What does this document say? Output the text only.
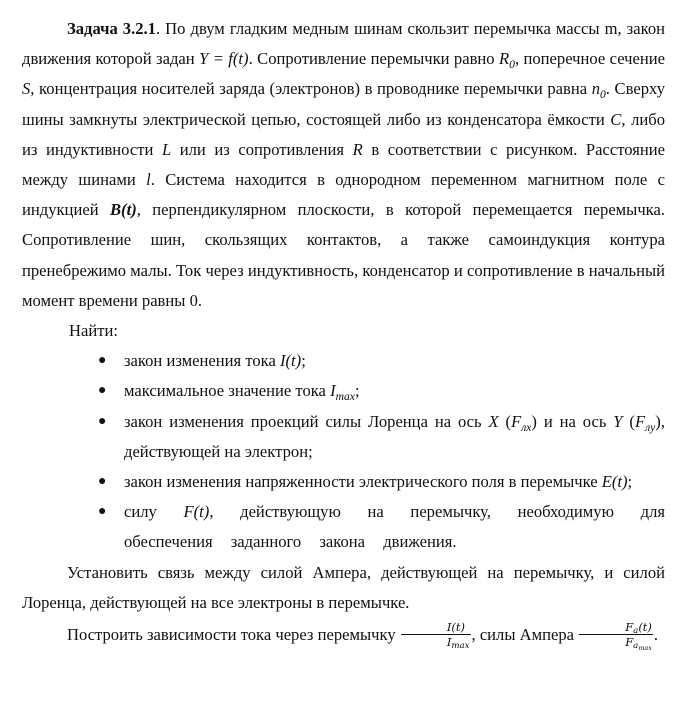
Задача 3.2.1. По двум гладким медным шинам скользит перемычка массы m, закон движения которой задан Y = f(t). Сопротивление перемычки равно $R_0$, поперечное сечение S, концентрация носителей заряда (электронов) в проводнике перемычки равна $n_0$. Сверху шины замкнуты электрической цепью, состоящей либо из конденсатора ёмкости C, либо из индуктивности L или из сопротивления R в соответствии с рисунком. Расстояние между шинами l. Система находится в однородном переменном магнитном поле с индукцией B(t), перпендикулярном плоскости, в которой перемещается перемычка. Сопротивление шин, скользящих контактов, а также самоиндукция контура пренебрежимо малы. Ток через индуктивность, конденсатор и сопротивление в начальный момент времени равны 0.

Найти:

● закон изменения тока I(t);
● максимальное значение тока $I_{max}$;
● закон изменения проекций силы Лоренца на ось X $(F_{лx})$ и на ось Y $(F_{лy})$, действующей на электрон;
● закон изменения напряженности электрического поля в перемычке E(t);
● силу F(t), действующую на перемычку, необходимую для обеспечения заданного закона движения.

Установить связь между силой Ампера, действующей на перемычку, и силой Лоренца, действующей на все электроны в перемычке.

Построить зависимости тока через перемычку $\frac{I(t)}{I_{max}}$ , силы Ампера $\frac{F_a(t)}{F_{a_{max}}}$ .
